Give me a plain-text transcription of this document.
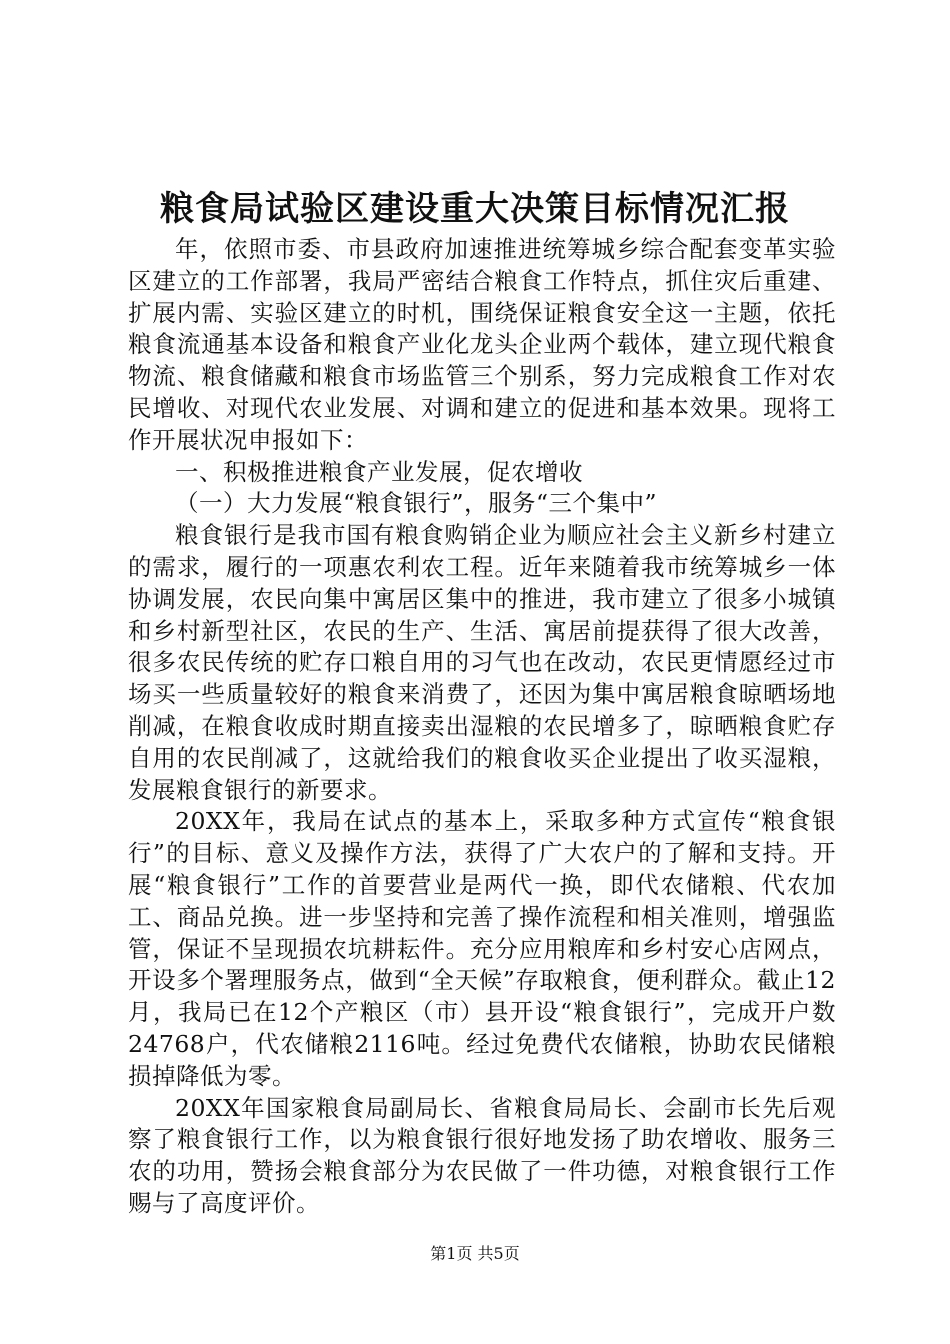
粮食局试验区建设重大决策目标情况汇报

年，依照市委、市县政府加速推进统筹城乡综合配套变革实验区建立的工作部署，我局严密结合粮食工作特点，抓住灾后重建、扩展内需、实验区建立的时机，围绕保证粮食安全这一主题，依托粮食流通基本设备和粮食产业化龙头企业两个载体，建立现代粮食物流、粮食储藏和粮食市场监管三个别系，努力完成粮食工作对农民增收、对现代农业发展、对调和建立的促进和基本效果。现将工作开展状况申报如下：

一、积极推进粮食产业发展，促农增收

（一）大力发展“粮食银行”，服务“三个集中”

粮食银行是我市国有粮食购销企业为顺应社会主义新乡村建立的需求，履行的一项惠农利农工程。近年来随着我市统筹城乡一体协调发展，农民向集中寓居区集中的推进，我市建立了很多小城镇和乡村新型社区，农民的生产、生活、寓居前提获得了很大改善，很多农民传统的贮存口粮自用的习气也在改动，农民更情愿经过市场买一些质量较好的粮食来消费了，还因为集中寓居粮食晾晒场地削减，在粮食收成时期直接卖出湿粮的农民增多了，晾晒粮食贮存自用的农民削减了，这就给我们的粮食收买企业提出了收买湿粮，发展粮食银行的新要求。

20XX年，我局在试点的基本上，采取多种方式宣传“粮食银行”的目标、意义及操作方法，获得了广大农户的了解和支持。开展“粮食银行”工作的首要营业是两代一换，即代农储粮、代农加工、商品兑换。进一步坚持和完善了操作流程和相关准则，增强监管，保证不呈现损农坑耕耘件。充分应用粮库和乡村安心店网点，开设多个署理服务点，做到“全天候”存取粮食，便利群众。截止12月，我局已在12个产粮区（市）县开设“粮食银行”，完成开户数24768户，代农储粮2116吨。经过免费代农储粮，协助农民储粮损掉降低为零。

20XX年国家粮食局副局长、省粮食局局长、会副市长先后观察了粮食银行工作，以为粮食银行很好地发扬了助农增收、服务三农的功用，赞扬会粮食部分为农民做了一件功德，对粮食银行工作赐与了高度评价。

第1页 共5页
